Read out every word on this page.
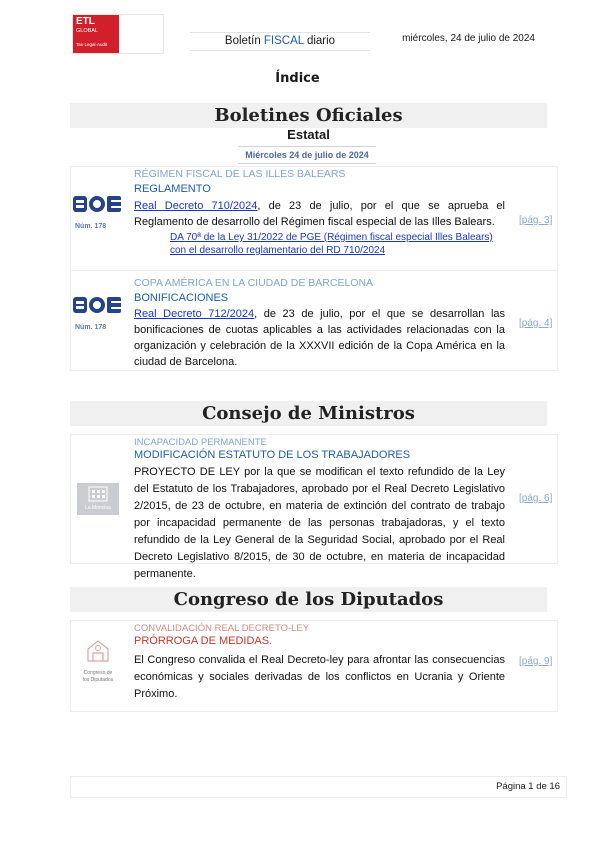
ETL
GLOBAL
Tax·Legal·Audit	Boletín FISCAL diario	miércoles, 24 de julio de 2024
Índice
Boletines Oficiales
Estatal
Miércoles 24 de julio de 2024
Núm. 178
RÉGIMEN FISCAL DE LAS ILLES BALEARS
REGLAMENTO
Real Decreto 710/2024, de 23 de julio, por el que se aprueba el Reglamento de desarrollo del Régimen fiscal especial de las Illes Balears.
DA 70ª de la Ley 31/2022 de PGE (Régimen fiscal especial Illes Balears) con el desarrollo reglamentario del RD 710/2024
[pág. 3]
Núm. 178
COPA AMÉRICA EN LA CIUDAD DE BARCELONA
BONIFICACIONES
Real Decreto 712/2024, de 23 de julio, por el que se desarrollan las bonificaciones de cuotas aplicables a las actividades relacionadas con la organización y celebración de la XXXVII edición de la Copa América en la ciudad de Barcelona.
[pág. 4]
Consejo de Ministros
La Moncloa
INCAPACIDAD PERMANENTE
MODIFICACIÓN ESTATUTO DE LOS TRABAJADORES
PROYECTO DE LEY por la que se modifican el texto refundido de la Ley del Estatuto de los Trabajadores, aprobado por el Real Decreto Legislativo 2/2015, de 23 de octubre, en materia de extinción del contrato de trabajo por incapacidad permanente de las personas trabajadoras, y el texto refundido de la Ley General de la Seguridad Social, aprobado por el Real Decreto Legislativo 8/2015, de 30 de octubre, en materia de incapacidad permanente.
[pág. 6]
Congreso de los Diputados
Congreso de
los Diputados
CONVALIDACIÓN REAL DECRETO-LEY
PRÓRROGA DE MEDIDAS.
El Congreso convalida el Real Decreto-ley para afrontar las consecuencias económicas y sociales derivadas de los conflictos en Ucrania y Oriente Próximo.
[pág. 9]
Página 1 de 16
